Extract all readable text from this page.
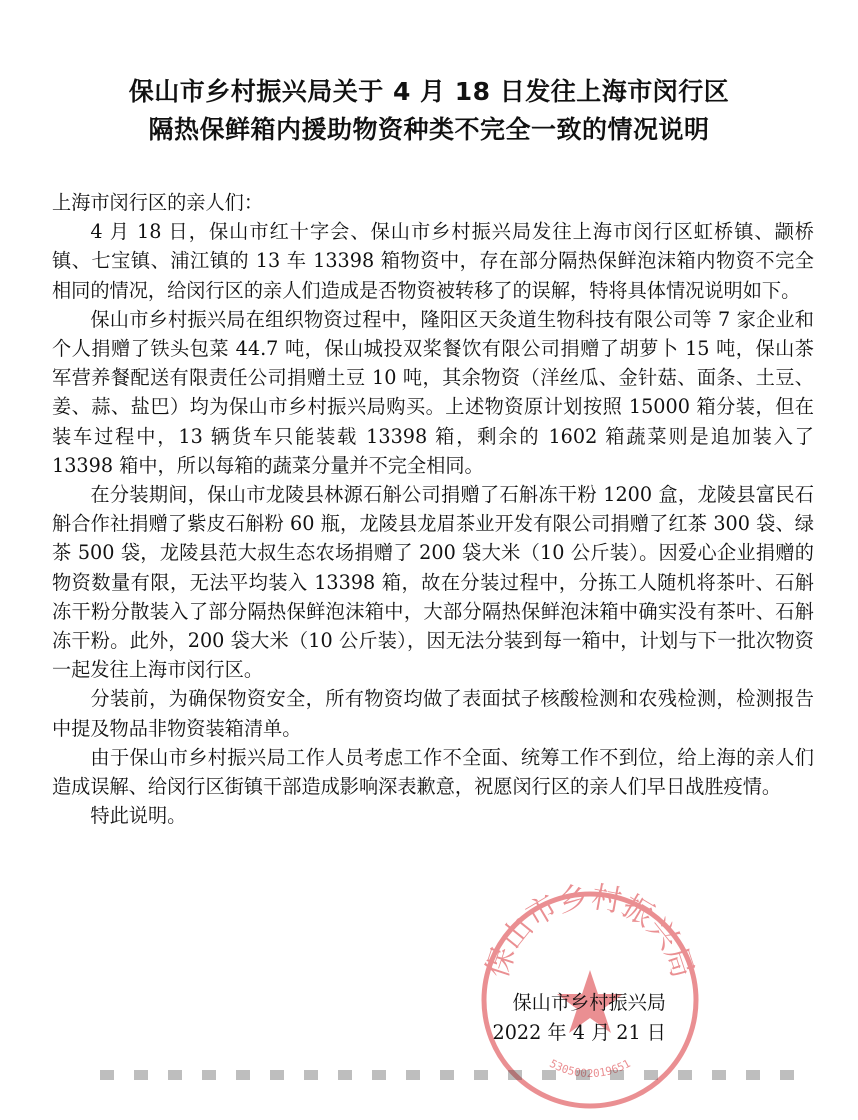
保山市乡村振兴局关于 4 月 18 日发往上海市闵行区
隔热保鲜箱内援助物资种类不完全一致的情况说明

上海市闵行区的亲人们：

4 月 18 日，保山市红十字会、保山市乡村振兴局发往上海市闵行区虹桥镇、颛桥镇、七宝镇、浦江镇的 13 车 13398 箱物资中，存在部分隔热保鲜泡沫箱内物资不完全相同的情况，给闵行区的亲人们造成是否物资被转移了的误解，特将具体情况说明如下。

保山市乡村振兴局在组织物资过程中，隆阳区天灸道生物科技有限公司等 7 家企业和个人捐赠了铁头包菜 44.7 吨，保山城投双桨餐饮有限公司捐赠了胡萝卜 15 吨，保山茶军营养餐配送有限责任公司捐赠土豆 10 吨，其余物资（洋丝瓜、金针菇、面条、土豆、姜、蒜、盐巴）均为保山市乡村振兴局购买。上述物资原计划按照 15000 箱分装，但在装车过程中，13 辆货车只能装载 13398 箱，剩余的 1602 箱蔬菜则是追加装入了 13398 箱中，所以每箱的蔬菜分量并不完全相同。

在分装期间，保山市龙陵县林源石斛公司捐赠了石斛冻干粉 1200 盒，龙陵县富民石斛合作社捐赠了紫皮石斛粉 60 瓶，龙陵县龙眉茶业开发有限公司捐赠了红茶 300 袋、绿茶 500 袋，龙陵县范大叔生态农场捐赠了 200 袋大米（10 公斤装）。因爱心企业捐赠的物资数量有限，无法平均装入 13398 箱，故在分装过程中，分拣工人随机将茶叶、石斛冻干粉分散装入了部分隔热保鲜泡沫箱中，大部分隔热保鲜泡沫箱中确实没有茶叶、石斛冻干粉。此外，200 袋大米（10 公斤装），因无法分装到每一箱中，计划与下一批次物资一起发往上海市闵行区。

分装前，为确保物资安全，所有物资均做了表面拭子核酸检测和农残检测，检测报告中提及物品非物资装箱清单。

由于保山市乡村振兴局工作人员考虑工作不全面、统筹工作不到位，给上海的亲人们造成误解、给闵行区街镇干部造成影响深表歉意，祝愿闵行区的亲人们早日战胜疫情。

特此说明。

保山市乡村振兴局
5305002019651
保山市乡村振兴局
2022 年 4 月 21 日
